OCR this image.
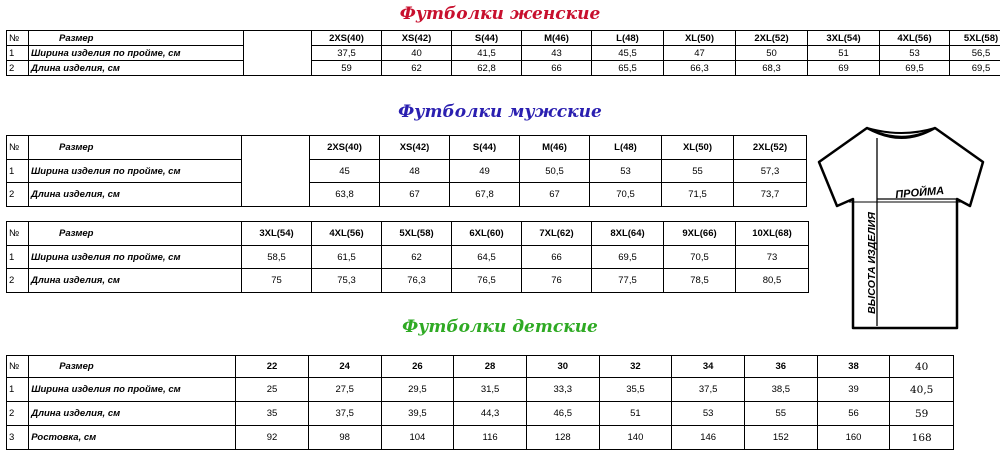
Футболки женские
№	Размер		2XS(40)	XS(42)	S(44)	M(46)	L(48)	XL(50)	2XL(52)	3XL(54)	4XL(56)	5XL(58)
1	Ширина изделия по пройме, см		37,5	40	41,5	43	45,5	47	50	51	53	56,5
2	Длина изделия, см		59	62	62,8	66	65,5	66,3	68,3	69	69,5	69,5
Футболки мужские
№	Размер		2XS(40)	XS(42)	S(44)	M(46)	L(48)	XL(50)	2XL(52)
1	Ширина изделия по пройме, см		45	48	49	50,5	53	55	57,3
2	Длина изделия, см		63,8	67	67,8	67	70,5	71,5	73,7
№	Размер	3XL(54)	4XL(56)	5XL(58)	6XL(60)	7XL(62)	8XL(64)	9XL(66)	10XL(68)
1	Ширина изделия по пройме, см	58,5	61,5	62	64,5	66	69,5	70,5	73
2	Длина изделия, см	75	75,3	76,3	76,5	76	77,5	78,5	80,5
ПРОЙМА
ВЫСОТА ИЗДЕЛИЯ
Футболки детские
№	Размер	22	24	26	28	30	32	34	36	38	40
1	Ширина изделия по пройме, см	25	27,5	29,5	31,5	33,3	35,5	37,5	38,5	39	40,5
2	Длина изделия, см	35	37,5	39,5	44,3	46,5	51	53	55	56	59
3	Ростовка, см	92	98	104	116	128	140	146	152	160	168
